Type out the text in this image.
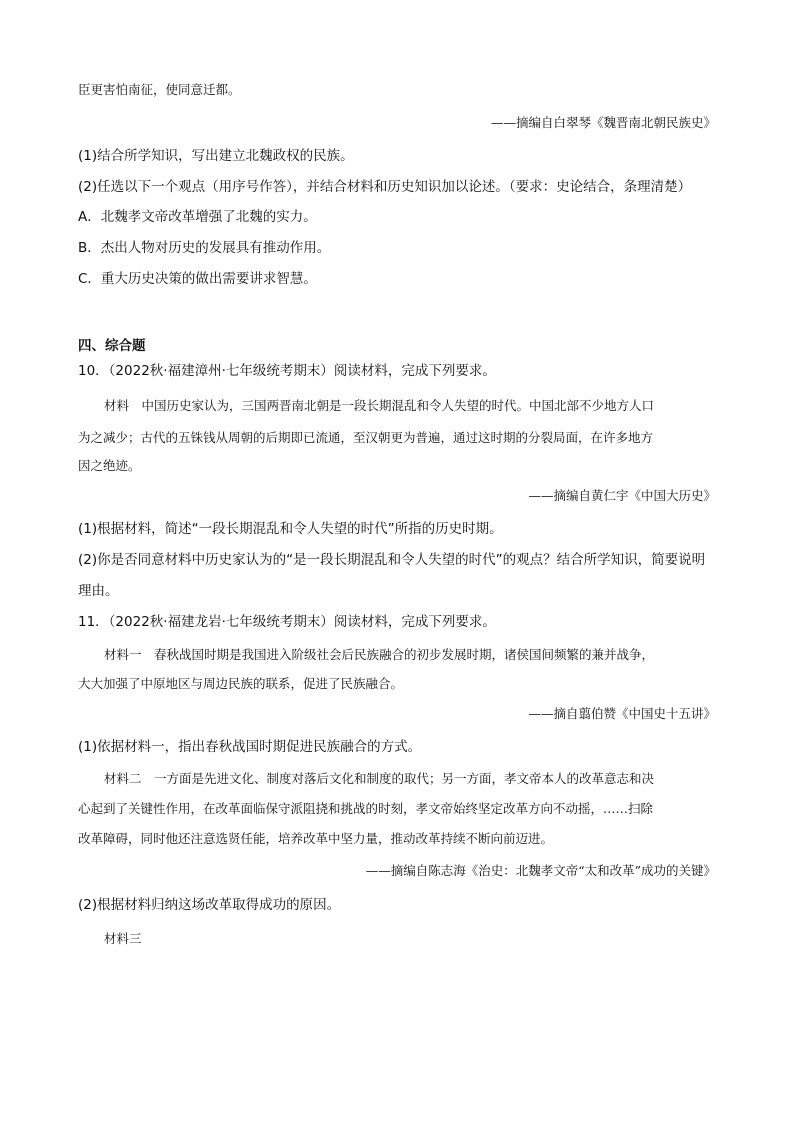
臣更害怕南征，使同意迁都。
——摘编自白翠琴《魏晋南北朝民族史》
(1)结合所学知识，写出建立北魏政权的民族。
(2)任选以下一个观点（用序号作答），并结合材料和历史知识加以论述。（要求：史论结合，条理清楚）
A．北魏孝文帝改革增强了北魏的实力。
B．杰出人物对历史的发展具有推动作用。
C．重大历史决策的做出需要讲求智慧。
四、综合题
10．（2022秋·福建漳州·七年级统考期末）阅读材料，完成下列要求。
材料　中国历史家认为，三国两晋南北朝是一段长期混乱和令人失望的时代。中国北部不少地方人口
为之减少；古代的五铢钱从周朝的后期即已流通，至汉朝更为普遍，通过这时期的分裂局面，在许多地方
因之绝迹。
——摘编自黄仁宇《中国大历史》
(1)根据材料，简述“一段长期混乱和令人失望的时代”所指的历史时期。
(2)你是否同意材料中历史家认为的“是一段长期混乱和令人失望的时代”的观点？结合所学知识，简要说明
理由。
11．（2022秋·福建龙岩·七年级统考期末）阅读材料，完成下列要求。
材料一　春秋战国时期是我国进入阶级社会后民族融合的初步发展时期，诸侯国间频繁的兼并战争，
大大加强了中原地区与周边民族的联系，促进了民族融合。
——摘自翦伯赞《中国史十五讲》
(1)依据材料一，指出春秋战国时期促进民族融合的方式。
材料二　一方面是先进文化、制度对落后文化和制度的取代；另一方面，孝文帝本人的改革意志和决
心起到了关键性作用，在改革面临保守派阻挠和挑战的时刻，孝文帝始终坚定改革方向不动摇，……扫除
改革障碍，同时他还注意选贤任能，培养改革中坚力量，推动改革持续不断向前迈进。
——摘编自陈志海《治史：北魏孝文帝“太和改革”成功的关键》
(2)根据材料归纳这场改革取得成功的原因。
材料三
